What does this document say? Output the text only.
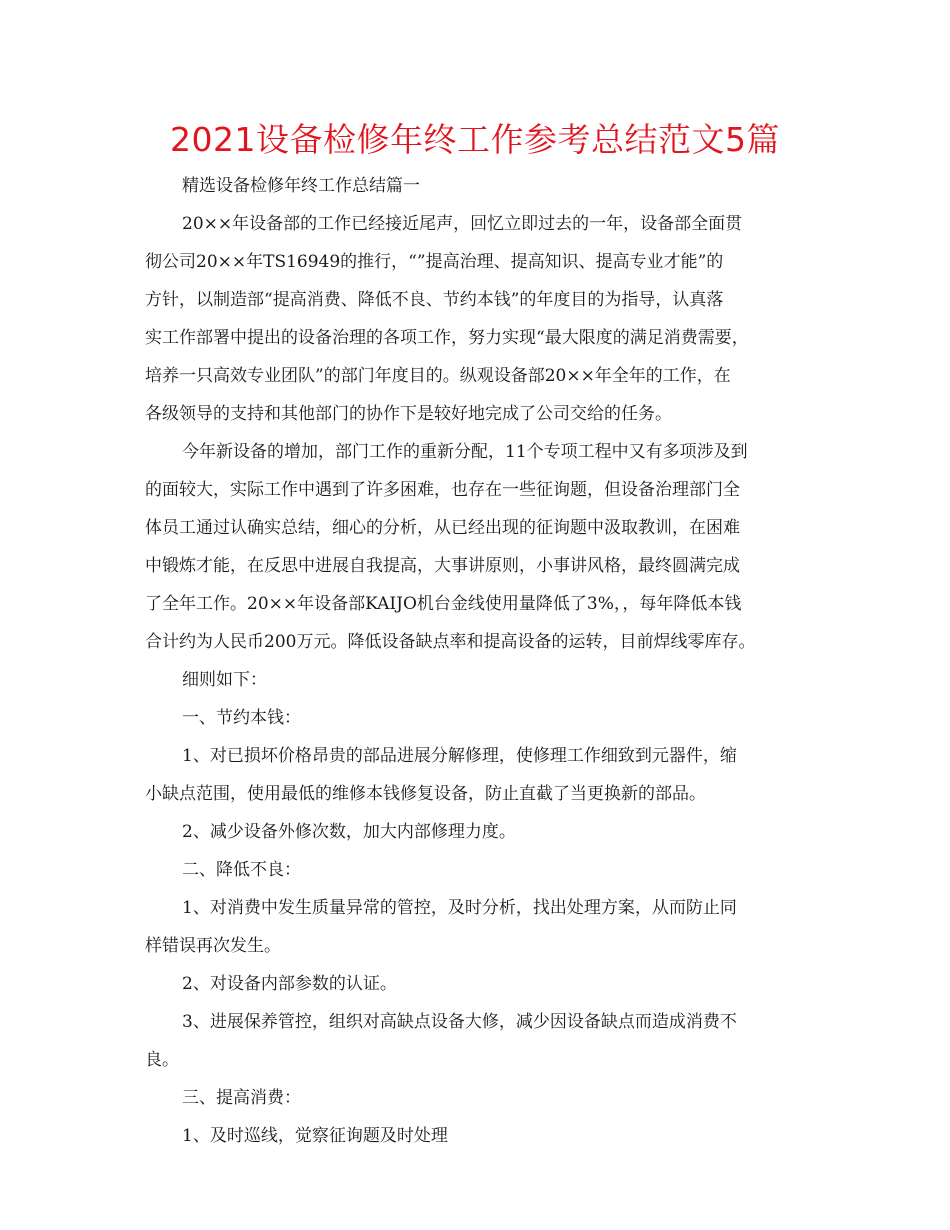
2021设备检修年终工作参考总结范文5篇
精选设备检修年终工作总结篇一
20××年设备部的工作已经接近尾声，回忆立即过去的一年，设备部全面贯
彻公司20××年TS16949的推行，“”提高治理、提高知识、提高专业才能”的
方针，以制造部“提高消费、降低不良、节约本钱”的年度目的为指导，认真落
实工作部署中提出的设备治理的各项工作，努力实现“最大限度的满足消费需要，
培养一只高效专业团队”的部门年度目的。纵观设备部20××年全年的工作，在
各级领导的支持和其他部门的协作下是较好地完成了公司交给的任务。
今年新设备的增加，部门工作的重新分配，11个专项工程中又有多项涉及到
的面较大，实际工作中遇到了许多困难，也存在一些征询题，但设备治理部门全
体员工通过认确实总结，细心的分析，从已经出现的征询题中汲取教训，在困难
中锻炼才能，在反思中进展自我提高，大事讲原则，小事讲风格，最终圆满完成
了全年工作。20××年设备部KAIJO机台金线使用量降低了3%，，每年降低本钱
合计约为人民币200万元。降低设备缺点率和提高设备的运转，目前焊线零库存。
细则如下：
一、节约本钱：
1、对已损坏价格昂贵的部品进展分解修理，使修理工作细致到元器件，缩
小缺点范围，使用最低的维修本钱修复设备，防止直截了当更换新的部品。
2、减少设备外修次数，加大内部修理力度。
二、降低不良：
1、对消费中发生质量异常的管控，及时分析，找出处理方案，从而防止同
样错误再次发生。
2、对设备内部参数的认证。
3、进展保养管控，组织对高缺点设备大修，减少因设备缺点而造成消费不
良。
三、提高消费：
1、及时巡线，觉察征询题及时处理
